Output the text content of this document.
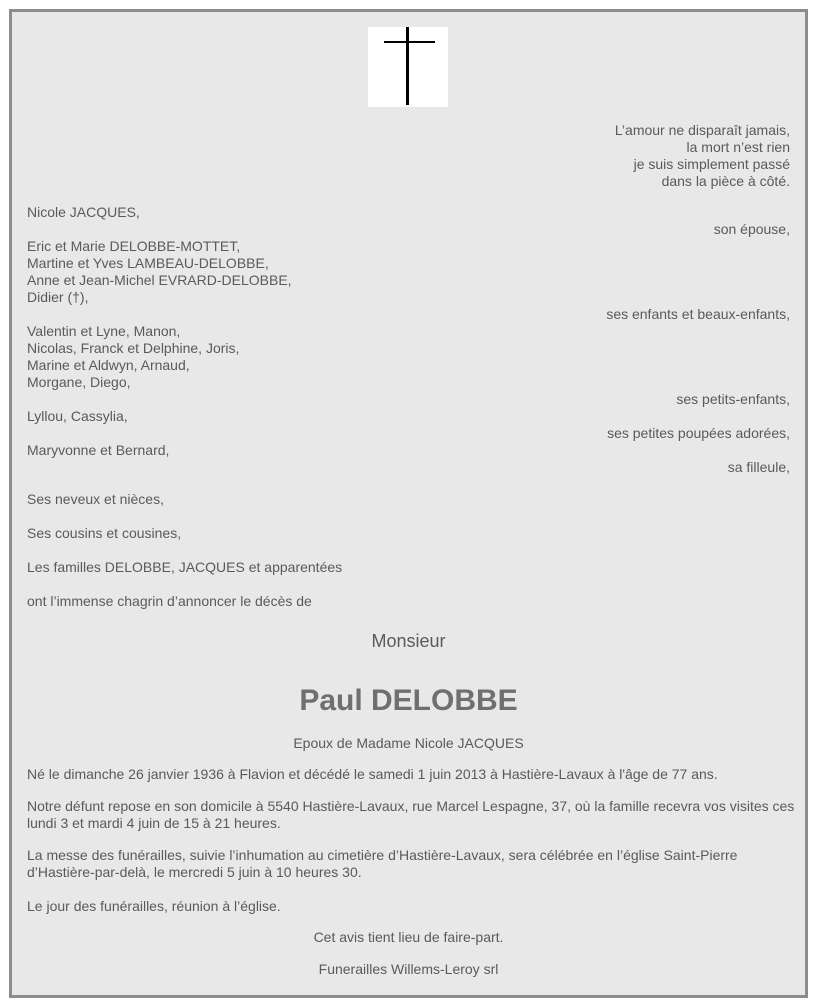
L’amour ne disparaît jamais,
la mort n’est rien
je suis simplement passé
dans la pièce à côté.
Nicole JACQUES,
son épouse,
Eric et Marie DELOBBE-MOTTET,
Martine et Yves LAMBEAU-DELOBBE,
Anne et Jean-Michel EVRARD-DELOBBE,
Didier (†),
ses enfants et beaux-enfants,
Valentin et Lyne, Manon,
Nicolas, Franck et Delphine, Joris,
Marine et Aldwyn, Arnaud,
Morgane, Diego,
ses petits-enfants,
Lyllou, Cassylia,
ses petites poupées adorées,
Maryvonne et Bernard,
sa filleule,
Ses neveux et nièces,
Ses cousins et cousines,
Les familles DELOBBE, JACQUES et apparentées
ont l’immense chagrin d’annoncer le décès de
Monsieur
Paul DELOBBE
Epoux de Madame Nicole JACQUES
Né le dimanche 26 janvier 1936 à Flavion et décédé le samedi 1 juin 2013 à Hastière-Lavaux à l'âge de 77 ans.
Notre défunt repose en son domicile à 5540 Hastière-Lavaux, rue Marcel Lespagne, 37, où la famille recevra vos visites ces lundi 3 et mardi 4 juin de 15 à 21 heures.
La messe des funérailles, suivie l’inhumation au cimetière d’Hastière-Lavaux, sera célébrée en l’église Saint-Pierre d’Hastière-par-delà, le mercredi 5 juin à 10 heures 30.
Le jour des funérailles, réunion à l’église.
Cet avis tient lieu de faire-part.
Funerailles Willems-Leroy srl
